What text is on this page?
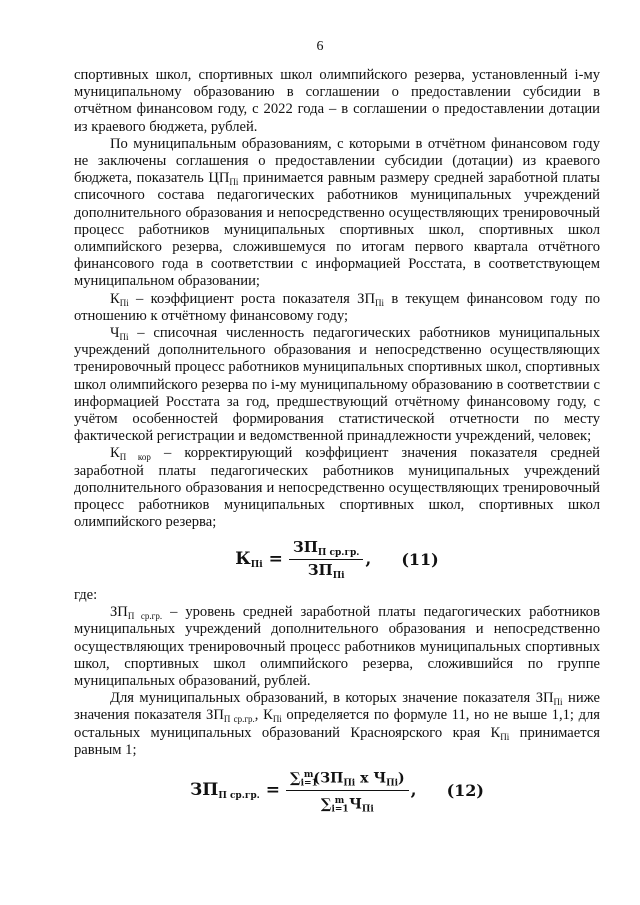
6

спортивных школ, спортивных школ олимпийского резерва, установленный i-му муниципальному образованию в соглашении о предоставлении субсидии в отчётном финансовом году, с 2022 года – в соглашении о предоставлении дотации из краевого бюджета, рублей.

По муниципальным образованиям, с которыми в отчётном финансовом году не заключены соглашения о предоставлении субсидии (дотации) из краевого бюджета, показатель $ЦП_{Пi}$ принимается равным размеру средней заработной платы списочного состава педагогических работников муниципальных учреждений дополнительного образования и непосредственно осуществляющих тренировочный процесс работников муниципальных спортивных школ, спортивных школ олимпийского резерва, сложившемуся по итогам первого квартала отчётного финансового года в соответствии с информацией Росстата, в соответствующем муниципальном образовании;

$К_{Пi}$ – коэффициент роста показателя $ЗП_{Пi}$ в текущем финансовом году по отношению к отчётному финансовому году;

$Ч_{Пi}$ – списочная численность педагогических работников муниципальных учреждений дополнительного образования и непосредственно осуществляющих тренировочный процесс работников муниципальных спортивных школ, спортивных школ олимпийского резерва по i-му муниципальному образованию в соответствии с информацией Росстата за год, предшествующий отчётному финансовому году, с учётом особенностей формирования статистической отчетности по месту фактической регистрации и ведомственной принадлежности учреждений, человек;

$К_{П кор}$ – корректирующий коэффициент значения показателя средней заработной платы педагогических работников муниципальных учреждений дополнительного образования и непосредственно осуществляющих тренировочный процесс работников муниципальных спортивных школ, спортивных школ олимпийского резерва;

$К_{Пi} = \frac{ЗП_{П ср.гр.}}{ЗП_{Пi}}$ , (11)

где:

$ЗП_{П ср.гр.}$ – уровень средней заработной платы педагогических работников муниципальных учреждений дополнительного образования и непосредственно осуществляющих тренировочный процесс работников муниципальных спортивных школ, спортивных школ олимпийского резерва, сложившийся по группе муниципальных образований, рублей.

Для муниципальных образований, в которых значение показателя $ЗП_{Пi}$ ниже значения показателя $ЗП_{П ср.гр.}$, $К_{Пi}$ определяется по формуле 11, но не выше 1,1; для остальных муниципальных образований Красноярского края $К_{Пi}$ принимается равным 1;

$ЗП_{П ср.гр.} = \frac{\sum_{i=1}^m(ЗП_{Пi} x Ч_{Пi})}{\sum_{i=1}^m Ч_{Пi}}$ , (12)
